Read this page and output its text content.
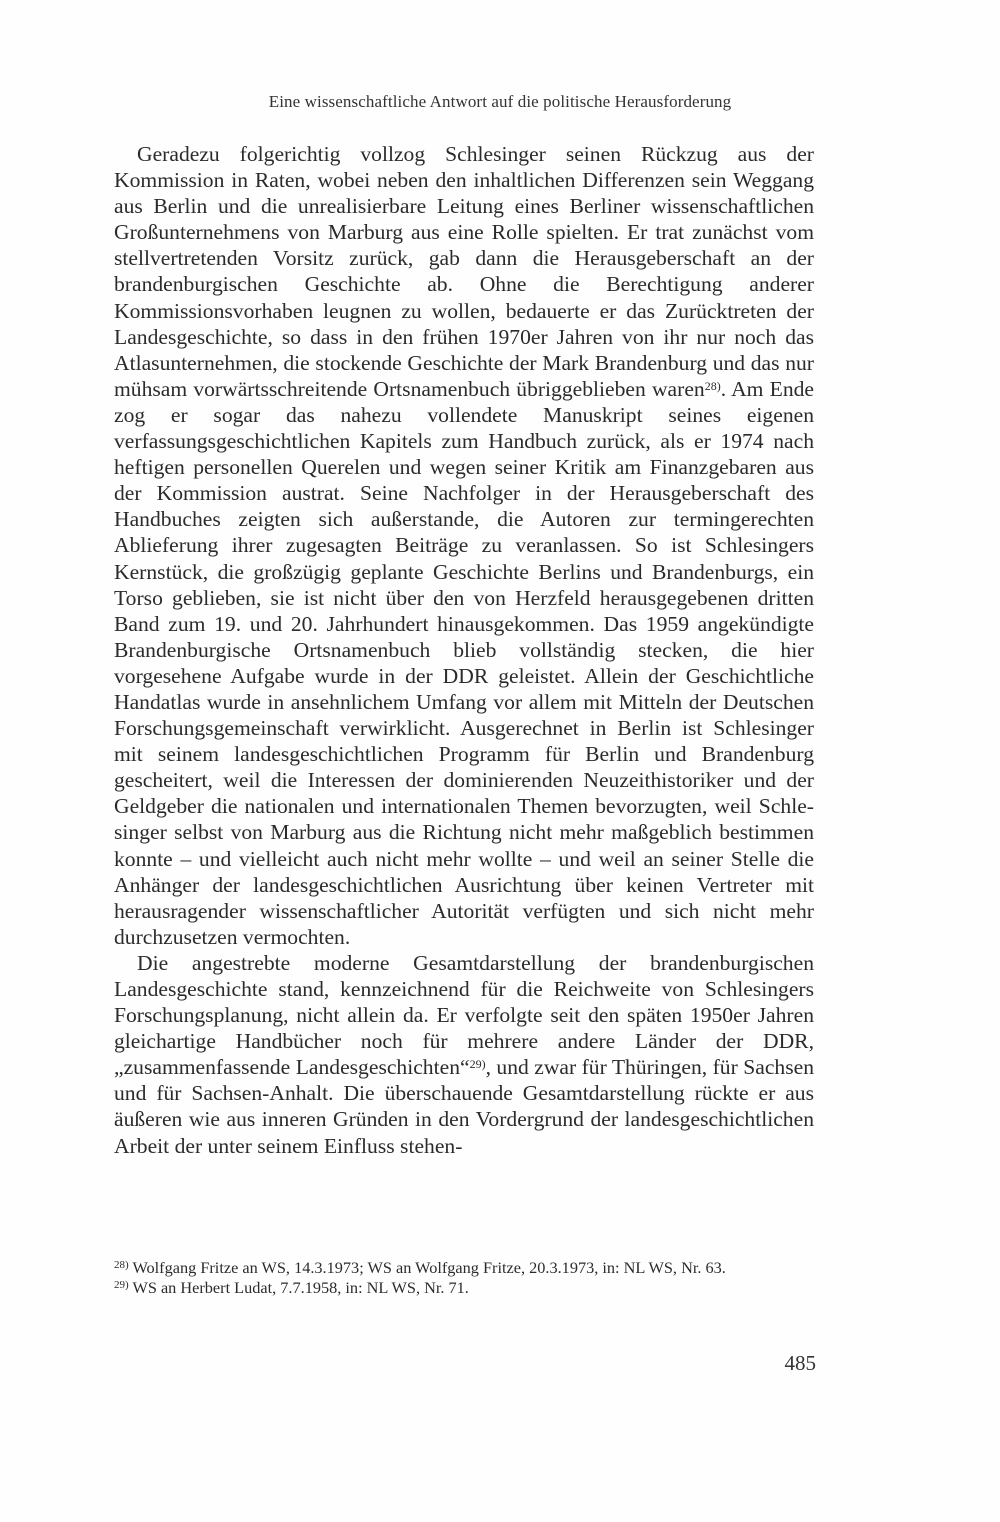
Eine wissenschaftliche Antwort auf die politische Herausforderung

Geradezu folgerichtig vollzog Schlesinger seinen Rückzug aus der Kommission in Raten, wobei neben den inhaltlichen Differenzen sein Weggang aus Berlin und die unrealisierbare Leitung eines Berliner wissenschaftlichen Großunternehmens von Marburg aus eine Rolle spielten. Er trat zunächst vom stellvertretenden Vorsitz zurück, gab dann die Herausgeberschaft an der brandenburgischen Geschichte ab. Ohne die Berechtigung anderer Kommissionsvorhaben leugnen zu wollen, bedauerte er das Zurücktreten der Landesgeschichte, so dass in den frühen 1970er Jahren von ihr nur noch das Atlasunternehmen, die stockende Geschichte der Mark Brandenburg und das nur mühsam vorwärtsschreitende Ortsnamenbuch übriggeblieben waren$^{28)}$. Am Ende zog er sogar das nahezu vollendete Manuskript seines eigenen verfassungsgeschichtlichen Kapitels zum Handbuch zurück, als er 1974 nach heftigen personellen Querelen und wegen seiner Kritik am Finanzgebaren aus der Kommission austrat. Seine Nachfolger in der Herausgeberschaft des Handbuches zeigten sich außerstande, die Autoren zur termingerechten Ablieferung ihrer zugesagten Beiträge zu veranlassen. So ist Schlesingers Kernstück, die großzügig geplante Geschichte Berlins und Brandenburgs, ein Torso geblieben, sie ist nicht über den von Herzfeld herausgegebenen dritten Band zum 19. und 20. Jahrhundert hinausgekommen. Das 1959 angekündigte Brandenburgische Ortsnamenbuch blieb vollständig stecken, die hier vorgesehene Aufgabe wurde in der DDR geleistet. Allein der Geschichtliche Handatlas wurde in ansehnlichem Umfang vor allem mit Mitteln der Deutschen Forschungsgemeinschaft verwirklicht. Ausgerechnet in Berlin ist Schlesinger mit seinem landesgeschichtlichen Programm für Berlin und Brandenburg gescheitert, weil die Interessen der dominierenden Neuzeithistoriker und der Geldgeber die nationalen und internationalen Themen bevorzugten, weil Schlesinger selbst von Marburg aus die Richtung nicht mehr maßgeblich bestimmen konnte – und vielleicht auch nicht mehr wollte – und weil an seiner Stelle die Anhänger der landesgeschichtlichen Ausrichtung über keinen Vertreter mit herausragender wissenschaftlicher Autorität verfügten und sich nicht mehr durchzusetzen vermochten.

Die angestrebte moderne Gesamtdarstellung der brandenburgischen Landesgeschichte stand, kennzeichnend für die Reichweite von Schlesingers Forschungsplanung, nicht allein da. Er verfolgte seit den späten 1950er Jahren gleichartige Handbücher noch für mehrere andere Länder der DDR, „zusammenfassende Landesgeschichten“$^{29)}$, und zwar für Thüringen, für Sachsen und für Sachsen-Anhalt. Die überschauende Gesamtdarstellung rückte er aus äußeren wie aus inneren Gründen in den Vordergrund der landesgeschichtlichen Arbeit der unter seinem Einfluss stehen-

$^{28)}$ Wolfgang Fritze an WS, 14.3.1973; WS an Wolfgang Fritze, 20.3.1973, in: NL WS, Nr. 63.

$^{29)}$ WS an Herbert Ludat, 7.7.1958, in: NL WS, Nr. 71.

485
